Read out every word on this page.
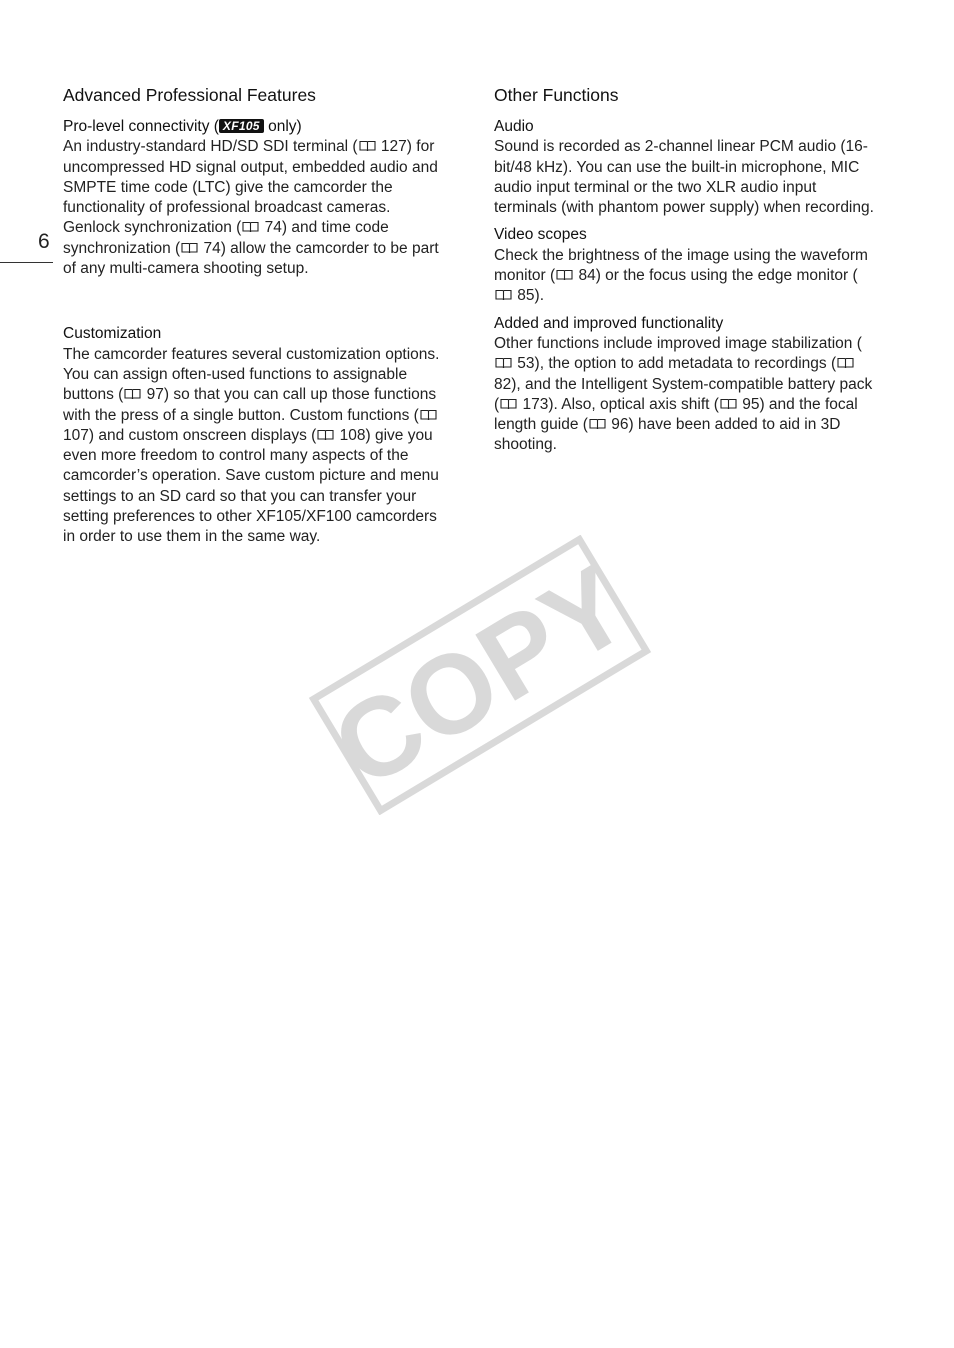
6
Advanced Professional Features

Pro-level connectivity ( XF105 only)

An industry-standard HD/SD SDI terminal ( 127) for uncompressed HD signal output, embedded audio and SMPTE time code (LTC) give the camcorder the functionality of professional broadcast cameras. Genlock synchronization ( 74) and time code synchronization ( 74) allow the camcorder to be part of any multi-camera shooting setup.

Customization

The camcorder features several customization options. You can assign often-used functions to assignable buttons ( 97) so that you can call up those functions with the press of a single button. Custom functions ( 107) and custom onscreen displays ( 108) give you even more freedom to control many aspects of the camcorder’s operation. Save custom picture and menu settings to an SD card so that you can transfer your setting preferences to other XF105/XF100 camcorders in order to use them in the same way.

Other Functions

Audio

Sound is recorded as 2-channel linear PCM audio (16-bit/48 kHz). You can use the built-in microphone, MIC audio input terminal or the two XLR audio input terminals (with phantom power supply) when recording.

Video scopes

Check the brightness of the image using the waveform monitor ( 84) or the focus using the edge monitor ( 85).

Added and improved functionality

Other functions include improved image stabilization ( 53), the option to add metadata to recordings ( 82), and the Intelligent System-compatible battery pack ( 173). Also, optical axis shift ( 95) and the focal length guide ( 96) have been added to aid in 3D shooting.

COPY
